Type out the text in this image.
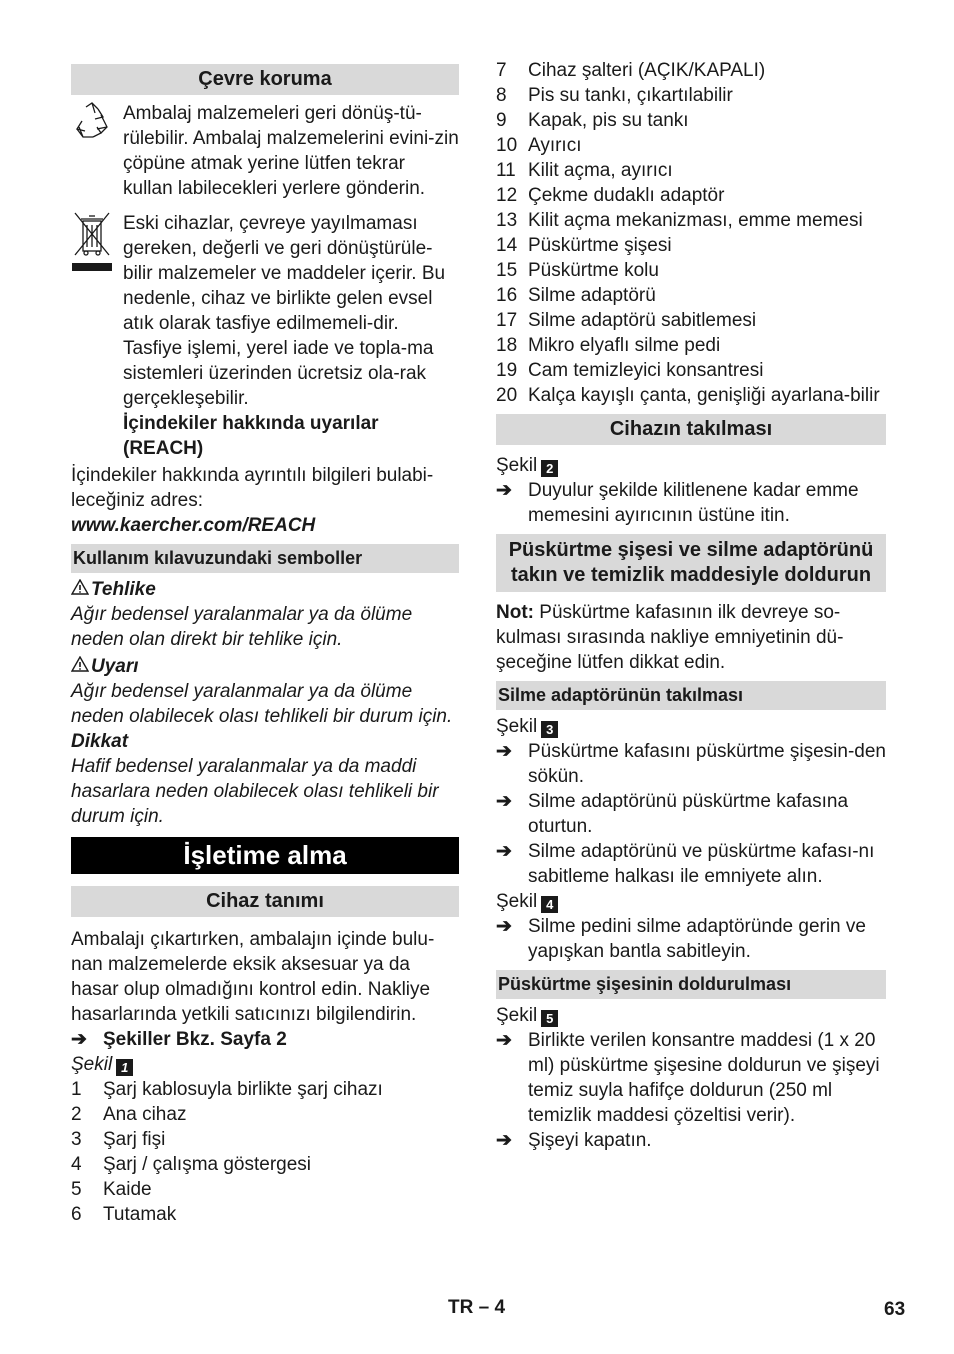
Çevre koruma

Ambalaj malzemeleri geri dönüş-tü-rülebilir. Ambalaj malzemelerini evini-zin çöpüne atmak yerine lütfen tekrar kullan labilecekleri yerlere gönderin.

Eski cihazlar, çevreye yayılmaması gereken, değerli ve geri dönüştürüle-bilir malzemeler ve maddeler içerir. Bu nedenle, cihaz ve birlikte gelen evsel atık olarak tasfiye edilmemeli-dir. Tasfiye işlemi, yerel iade ve topla-ma sistemleri üzerinden ücretsiz ola-rak gerçekleşebilir.

İçindekiler hakkında uyarılar (REACH)

İçindekiler hakkında ayrıntılı bilgileri bulabi-leceğiniz adres:

www.kaercher.com/REACH

Kullanım kılavuzundaki semboller

Tehlike

Ağır bedensel yaralanmalar ya da ölüme neden olan direkt bir tehlike için.

Uyarı

Ağır bedensel yaralanmalar ya da ölüme neden olabilecek olası tehlikeli bir durum için.

Dikkat

Hafif bedensel yaralanmalar ya da maddi hasarlara neden olabilecek olası tehlikeli bir durum için.

İşletime alma
Cihaz tanımı

Ambalajı çıkartırken, ambalajın içinde bulu-nan malzemelerde eksik aksesuar ya da hasar olup olmadığını kontrol edin. Nakliye hasarlarında yetkili satıcınızı bilgilendirin.

➔ Şekiller Bkz. Sayfa 2

Şekil 1

1	Şarj kablosuyla birlikte şarj cihazı
2	Ana cihaz
3	Şarj fişi
4	Şarj / çalışma göstergesi
5	Kaide
6	Tutamak
7	Cihaz şalteri (AÇIK/KAPALI)
8	Pis su tankı, çıkartılabilir
9	Kapak, pis su tankı
10 Ayırıcı
11 Kilit açma, ayırıcı
12 Çekme dudaklı adaptör
13 Kilit açma mekanizması, emme memesi
14 Püskürtme şişesi
15 Püskürtme kolu
16 Silme adaptörü
17 Silme adaptörü sabitlemesi
18 Mikro elyaflı silme pedi
19 Cam temizleyici konsantresi
20 Kalça kayışlı çanta, genişliği ayarlana-bilir
Cihazın takılması

Şekil 2

➔ Duyulur şekilde kilitlenene kadar emme memesini ayırıcının üstüne itin.
Püskürtme şişesi ve silme adaptörünü takın ve temizlik maddesiyle doldurun

Not: Püskürtme kafasının ilk devreye so-kulması sırasında nakliye emniyetinin dü-şeceğine lütfen dikkat edin.

Silme adaptörünün takılması

Şekil 3

➔ Püskürtme kafasını püskürtme şişesin-den sökün.
➔ Silme adaptörünü püskürtme kafasına oturtun.
➔ Silme adaptörünü ve püskürtme kafası-nı sabitleme halkası ile emniyete alın.

Şekil 4

➔ Silme pedini silme adaptöründe gerin ve yapışkan bantla sabitleyin.
Püskürtme şişesinin doldurulması

Şekil 5

➔ Birlikte verilen konsantre maddesi (1 x 20 ml) püskürtme şişesine doldurun ve şişeyi temiz suyla hafifçe doldurun (250 ml temizlik maddesi çözeltisi verir).
➔ Şişeyi kapatın.
TR – 4	63
